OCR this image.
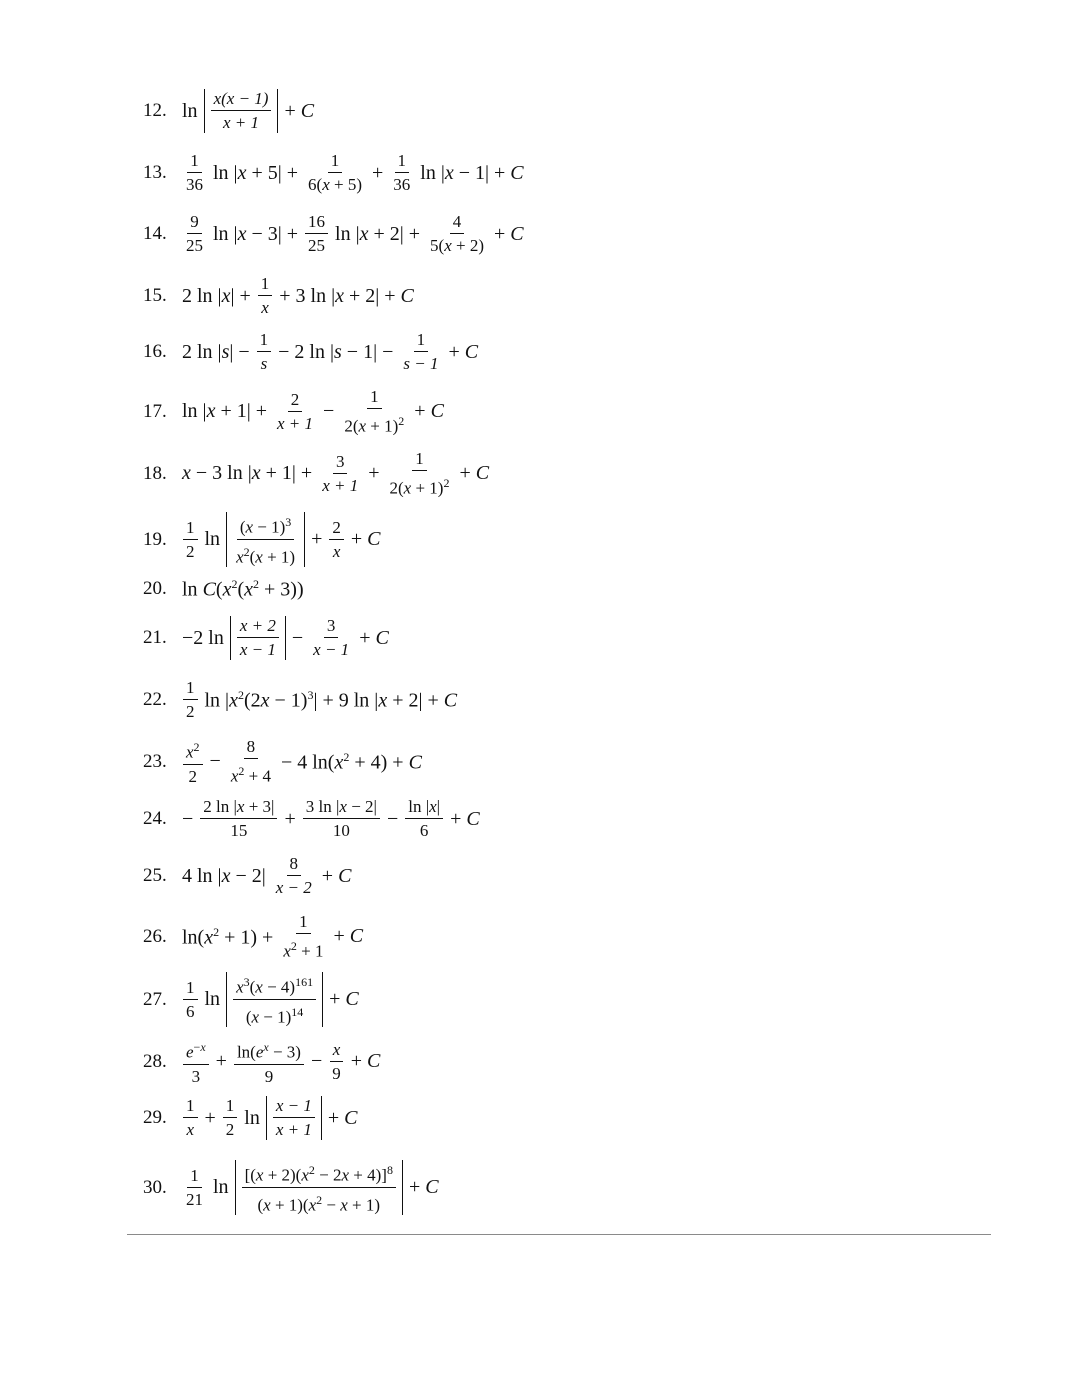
12. $\ln \frac{x(x - 1)}{x + 1} + C$
13. $\frac{1}{36}$ $\ln |x + 5| + \frac{1}{6(x + 5)} + \frac{1}{36}$ ln |x − 1| + C
14. $\frac{9}{25}$ $\ln |x - 3| + \frac{16}{25}$ $\ln |x + 2| + \frac{4}{5(x + 2)} + C$
15. 2 $\ln |x| + \frac{1}{x} + 3$ ln |x + 2| + C
16. 2 $\ln |s| - \frac{1}{s} - 2$ $\ln |s - 1| - \frac{1}{s - 1} + C$
17. $\ln |x + 1| + \frac{2}{x + 1} - \frac{1}{2(x + 1)^2} + C$
18. x − 3 $\ln |x + 1| + \frac{3}{x + 1} + \frac{1}{2(x + 1)^2} + C$
19. $\frac{1}{2}$ $\ln \frac{(x - 1)^3}{x^2(x + 1)} + \frac{2}{x} + C$
20. $\ln C(x^2(x^2 + 3))$
21. −2 $\ln \frac{x + 2}{x - 1} - \frac{3}{x - 1} + C$
22. $\frac{1}{2}$ $\ln |x^2(2x - 1)^3| + 9$ ln |x + 2| + C
23. $\frac{x^2}{2} - \frac{8}{x^2 + 4} - 4$ $\ln(x^2 + 4) + C$
24. − $\frac{2 \ln |x + 3|}{15} + \frac{3 \ln |x - 2|}{10} - \frac{\ln |x|}{6} + C$
25. 4 $\ln |x - 2| \frac{8}{x - 2} + C$
26. $\ln(x^2 + 1) + \frac{1}{x^2 + 1} + C$
27. $\frac{1}{6}$ $\ln \frac{x^3(x - 4)^{161}}{(x - 1)^{14}} + C$
28. $\frac{e^{-x}}{3} + \frac{\ln(e^x - 3)}{9} - \frac{x}{9} + C$
29. $\frac{1}{x} + \frac{1}{2}$ $\ln \frac{x - 1}{x + 1} + C$
30. $\frac{1}{21}$ $\ln \frac{[(x + 2)(x^2 - 2x + 4)]^8}{(x + 1)(x^2 - x + 1)} + C$
